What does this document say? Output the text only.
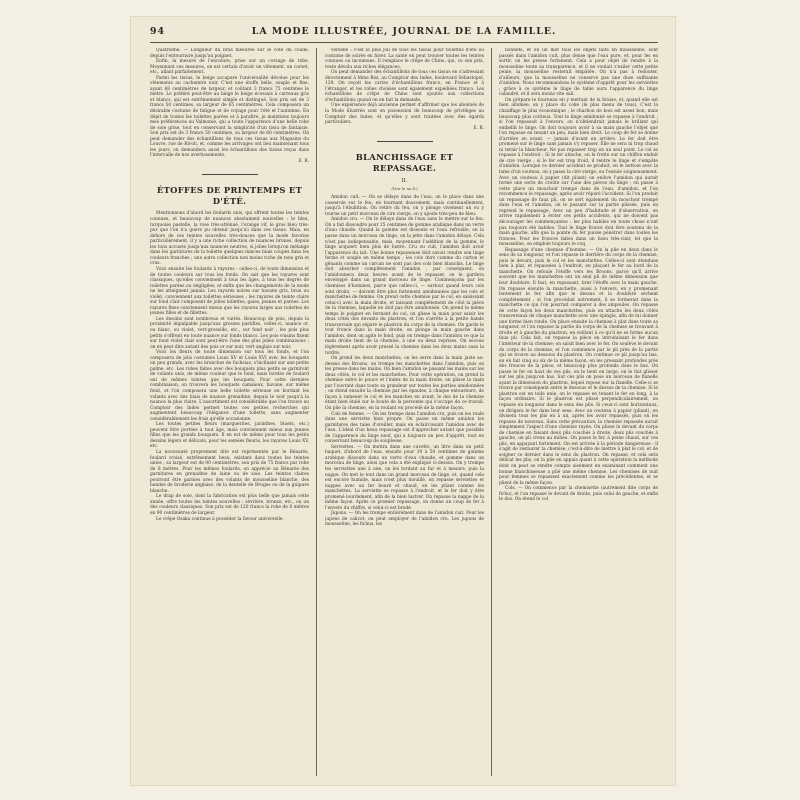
94	LA MODE ILLUSTRÉE, JOURNAL DE LA FAMILLE.

Quatrième. — Longueur du bras mesurée sur le côté du coude, depuis l'entournure jusqu'au poignet.

Enfin, la mesure de l'encolure, prise sur un corsage de robe. Moyennant ces mesures, on est certain d'avoir un vêtement, un corset, etc., allant parfaitement.

Parmi les tissus, le beige accapare l'universalité dévolue pour les vêtements au cachemire noir. C'est une étoffe belle, souple et fine, ayant 68 centimètres de largeur, et coûtant 3 francs 75 centimes le mètre. Le préféré peut-être au beige le beige écossais à carreaux gris et blancs, qui est extrêmement simple et distingué. Son prix est de 3 francs 50 centimes, sa largeur de 65 centimètres. Cela composera un désirable costume de fatigue et de voyage pour l'été et l'automne. En dépit de toutes les toilettes parées et à paraître, je maintiens toujours mes préférences au Valmonie, qui a toute l'apparence d'une belle robe de soie grise, tout en conservant la simplicité d'un tissu de fantaisie. Son prix est de 3 francs 50 centimes, sa largeur de 60 centimètres. On peut demander des échantillons de tous ces tissus aux Magasins du Louvre, rue de Rivoli, et, comme les arrivages ont lieu maintenant tous les jours, on demandera aussi les échantillons des tissus reçus dans l'intervalle de nos avertissements.

E. R.

ÉTOFFES DE PRINTEMPS ET D'ÉTÉ.

Mentionnons d'abord les foulards unis, qui offrent toutes les teintes connues, et beaucoup de nuances absolument nouvelles : le bleu, turquoise pastelle, la rose très-atténué, l'orange vif, le gros bleu très-pur que l'on n'a guère pu obtenir jusqu'ici dans ces tissus. Mais, en dehors de ces teintes nouvelles très-douces que la mode favorise particulièrement, il y a une riche collection de nuances brunes, depuis les tons accusés jusqu'aux nuances neutres, si jolies lorsqu'on mélange dans les garnitures de la toilette quelques minces biais coupés dans les couleurs franches ; une autre collection non moins riche de tons gris et crus.

Voici ensuite les foulards à rayures : celles-ci, de toute dimension et de toutes couleurs sur tous les fonds. On sait que les rayures sont classiques, qu'elles conviennent à tous les âges, à tous les degrés de toilettes parées ou négligées, et enfin que les changements de la mode ne les atteignent jamais. Les rayures noires sur havane gris, brun ou violet, conviennent aux toilettes sérieuses ; les rayures de teinte claire sur fond clair composent de jolies toilettes, gaies, jeunes et parées. Les rayures fines conviennent mieux que les rayures larges aux toilettes de jeunes filles et de fillettes.

Les dessins sont nombreux et variés. Beaucoup de pois, depuis la proximité impalpable jusqu'aux grosses pastilles, celles-ci, nuance or, ou blanc, ou violet, vert-groseille, etc., sur fond noir ; les pois plus petits s'offrent en toute nuance sur fonds blancs. Les pois voisins fixent sur fond violet clair sont peut-être l'une des plus jolies combinaisons ; on en peut dire autant des pois or sur noir, vert anglais sur noir.

Voici les fleurs de toute dimension sur tous les fonds, et l'on composera de jolis costumes Louis XV et Louis XVI avec les bouquets un peu grands, avec les branches de fuchsias, s'inclinant sur une petite palme, etc. Les robes faites avec des bouquets plus petits se garniront de volants unis, de même couleur que le fond, mais bordés de foulard uni de mêmes teintes que les bouquets. Pour cette dernière combinaison, on trouvera les bouquets camaïeux, havane, sur même fond, et l'on composera une belle toilette sérieuse en bordant les volants avec des biais de nuance grenadine, depuis le noir jusqu'à la nuance la plus claire. L'assortiment est considérable que l'on trouve au Comptoir des Indes permet toutes ces petites recherches qui augmentent beaucoup l'élégance d'une toilette, sans augmenter considérablement les frais qu'elle occasionne.

Les toutes petites fleurs (marguerites, jacinthes, bluets, etc.) peuvent être portées à tout âge, mais conviennent mieux aux jeunes filles que les grands bouquets. Il en est de même pour tous les petits dessins légers et délicats, pour les semées fleuris, les rayures Louis XV, etc.

La nouveauté proprement dite est représentée par le Bénarès, foulard croisé, extrêmement beau, existant dans toutes les teintes unies ; sa largeur est de 90 centimètres, son prix de 75 francs par robe de 8 mètres. Pour les mêmes foulards, on apprécie au Bénarès des garnitures en grenadine de laine ou de soie. Les teintes claires pourront être garnies avec des volants de mousseline blanche, des bandes de broderie anglaise, de la dentelle de Bruges ou de la guipure blanche.

Le drap de soie, dont la fabrication est plus belle que jamais cette année, offre toutes les teintes nouvelles : sèvrière, bronze, etc., ou un des couleurs classiques. Son prix est de 120 francs la robe de 8 mètres en 90 centimètres de largeur.

Le crêpe Osaka continue à posséder la faveur universelle.

verselle : c'est le plus joli de tous les tissus pour toilettes d'été ou costume de soirée en hiver. La santé en peut trouver toutes les teintes connues ou inconnues. Il remplace le crêpe de Chine, qui, vu son prix, reste dévolu aux riches élégances.

On peut demander des échantillons de tous ces tissus en s'adressant directement à Mme Bisi, au Comptoir des Indes, boulevard Sébastopol, 129. On reçoit les cartes d'échantillons franco, en France et à l'étranger, et les robes choisies sont également expédiées franco. Les échantillons de crêpe de Chine sont ajoutés aux collections d'échantillons quand on en fait la demande.

Une expérience déjà ancienne permet d'affirmer que les abonnés de la Mode illustrée sont en possession de beaucoup de privilèges au Comptoir des Indes, et qu'elles y sont traitées avec des égards particuliers.

E. R.

BLANCHISSAGE ET REPASSAGE.
II.
(Voir le no 8.)

Amidon cuit. — On se délaye dans de l'eau, on le place dans une casserole sur le feu, en tournant doucement, mais continuellement, jusqu'à l'ébullition. On retire du feu, on y plonge vivement un ou y tourne un petit morceau de cire vierge, on y ajoute très-peu de bleu.

Amidon cru. — On le délaye dans de l'eau sans le mettre sur le feu. On a fait dissoudre pour 25 centimes de gomme arabique dans un verre d'eau chaude. Quand la gomme est dissoute et l'eau refroidie, on la passe dans un morceau de linge, on la jette dans l'amidon délayé. Cela n'est pas indispensable, mais, moyennant l'addition de la gomme, le linge acquiert bien plus de lustre. Cru ou cuit, l'amidon doit avoir l'apparence du lait. Une bonne repasseuse doit savoir rendre son linge ferme et souple en même temps ; les cols durs comme du carton et gênants comme un carcan ne sont pas des cols bien blanchis. Le linge doit absorber complètement l'amidon ; par conséquent, on l'amidonnera deux heures avant de le repasser, on le gardera enveloppé dans un grand morceau de linge. Commençons par les chemises d'hommes, parce que celles-ci, — surtout quand leurs cols sont droits, — doivent être plus fortement amidonnées que les cols et manchettes de femme. On prend cette chemise par le col, en saisissant celui-ci avec la main droite, et laissant complètement de côté la pièce de la chemise, laquelle ne doit pas être amidonnée. On prend le même temps le poignet en fermant du col, on glisse la main pour saisir les deux côtés des devants du plastron, et l'on s'arrête à la petite bande transversale qui sépare le plastron du corps de la chemise. On garde le tout froncé dans la main droite, on plonge la main gauche dans l'amidon, dont on agite le fond, puis on trempe dans l'amidon ce que la main droite tient de la chemise, à une ou deux reprises. On secoue légèrement après avoir pressé la chemise dans les deux mains sans la tordre.

On prend les deux manchettes, on les serre dans la main juste au-dessus des Broons, on trempe les manchettes dans l'amidon, puis on les presse dans les mains. On bien l'amidon se passant les mains sur les deux côtés, le col et les manchettes. Pour cette opération, on prend la chemise entre le pouce et l'index de la main droite, on plisse la main par l'ouvrant dans toute sa grandeur sur toutes les parties amidonnées ; on étend ensuite la chemise par les épaules, à chaque entournure, de façon à ramener le col et les manches en avant, le dos de la chemise étant bien étalé sur le boute de la personne qui s'occupe de ce travail. On plie la chemise, en la roulant en procédé de la même façon.

Cols de femme. — On les trempe dans l'amidon cru, puis on les roule dans une serviette bien propre. On passe en même amidon les garnitures des taies d'oreiller, mais en éclaircissant l'amidon avec de l'eau. L'idéal d'un beau repassage est d'approcher autant que possible de l'apparence du linge neuf, qui a toujours un peu d'apprêt, tout en conservant beaucoup de souplesse.

Serviettes. — On mettra dans une cuvette, un litre dans un petit baquet, d'abord de l'eau, ensuite pour 30 à 50 centimes de gomme arabique dissoute dans un verre d'eau chaude, et gomme dans un morceau de linge, ainsi que cela a été expliqué ci-dessus. On y trempe les serviettes une à une, on les tordant au fur et à mesure, puis la nappe. On met le tout dans un grand morceau de linge, et, quand cela est encore humide, mais n'est plus mouillé, on repasse serviettes et nappes avec un fer bouré et chaud, en les pliant comme les manchettes. La serviette se repasse à l'endroit, et le fer doit y être promené lourdement, afin de la bien lustrer. On repasse la nappe de la même façon. Après ce premier repassage, on donne un coup de fer à l'envers du chiffre, si celui-ci est brodé.

Jupons. — On les trempe entièrement dans de l'amidon cuit. Pour les jupons de calicot, on peut employer de l'amidon cru. Les jupons de mousseline, les fichus, les

bonnets, et en un mot tous les objets faits en mousseline, sont passés dans l'amidon cuit, plus dense que l'eau pure, et, pour les en sortir, on les presse fortement. Cela a pour objet de rendre à la mousseline toute sa transparence, et il ne voulait s'exiler cette petite peine, la mousseline resterait empâtée. On n'a pas à redouter, d'ailleurs, que la mousseline ne conserve pas une dose suffisante d'amidon. Nous recommandons le système d'apprêt pour les serviettes ; grâce à ce système le linge de table aura l'apparence du linge calandré, et il sera moins vite sali.

On prépare le fourneau en y mettant de la braise, et, quand elle est bien allumée, on y place du coke (le plus menu de tous). C'est la chauffage le plus économique ; le charbon de bois est assez bon, mais beaucoup plus coûteux. Tout le linge amidonné se repasse à l'endroit ; si l'on repassait à l'envers, on n'obtiendrait jamais le brillant qui embellit le linge. On doit toujours avoir à sa main gauche l'objet que l'on repasse en tenant un peu, mais bien droit. Le coup de fer se donne d'arrière en avant, — jamais d'avant en arrière. Le fer doit être promené sur le linge sans jamais s'y reposer. Elle ne sera ni trop chaud ni ternir la blancheur. Ne pas repasser trop en un seul point. Le col se repasse à l'endroit ; Si le fer attache, on le frotte sur un chiffon enduit de cire vierge ; si le fer est trop froid, il rentre le linge et s'empâte d'amidon. Lorsque ce dernier accident se produit, on le nettoie avec la lame d'un couteau, on y passe la cire vierge, ou l'essuie soigneusement. Avec un couteau à papier (dit pliant) on enlève l'amidon qui aurait formé une sorte de croûte sur l'une des pièces du linge ; on passe à cette place un mouchoir trempé dans de l'eau, d'amidon, et l'on recommence le repassage, après avoir réparé l'accident. Si l'on produit un repassage de faux pli, on se sert également du mouchoir trempé dans l'eau et l'amidon, on le passant sur la partie plissée, puis on reprend le repassage. Avec un peu d'habitude et d'observation, on arrive rapidement à éviter ces petits accidents, qui ne doivent pas décourager les commençantes : les plus habiles en toute chose n'ont pas toujours été habiles. Tout le linge froncé doit être soutenu de la main gauche, afin que la pointe du fer puisse pénétrer dans toutes les fronces. Pour les fronces faites dans un tissu très-clair, tel que la mousseline, on emploie toujours le coq.

Repassage d'une chemise d'homme. — On la plie en deux dans le sens de sa longueur, et l'on repasse le derrière du corps de la chemise, puis le devant, puis le col et les manchettes. Celles-ci sont étendues bien à plat, et repassées à l'endroit, en plaçant le fer au bord de la manchette. On refoule l'étoffe vers les Broons, parce qu'il arrive souvent que les manchettes ont un seul pli de même dimension que leur doublure. Il faut, en repassant, tirer l'étoffe avec la main gauche. On repasse ensuite la manchette, aussi à l'envers, en y promenant lentement le fer, afin que le dessus et la doublure sèchent complètement ; si l'on procédait autrement, il se formerait dans la manchette ce qui l'on pourrait comparer à des ampoules. On repasse de cette façon les deux manchettes, puis on attache les deux côtés transversaux de chaque manchette avec une épingle, afin de lui donner une forme bien ronde. On place ensuite la chemise à plat dans toute sa longueur, et l'on repasse la partie du corps de la chemise se trouvant à droite et à gauche du plastron, en veillant à ce qu'il ne se forme aucun faux pli. Cela fait, on repasse la pièce en introduisant le fer dans l'intérieur de la chemise; on saisit bien avec le fer. On soulève le devant du corps de la chemise, et l'on commence par le pli près de la partie qui se trouve au dessous du plastron. On continue ce pli jusqu'au bas, en en fait cinq ou six de la même façon, en les pressant profondes près des fronces de la pièce, et beaucoup plus profonds dans le bas. On passe le fer en haut de ces plis, on le tient en large, on le fait glisser sur les plis jusqu'en bas. Sur ces plis on pose un morceau de flanelle ayant la dimension du plastron, lequel repose sur la flanelle. Celle-ci se trouve par conséquent entre le dessous et le dessus de la chemise. Si le plastron est en toile unie, on le repasse en tenant le fer en long, à la façon ordinaire. Si le plastron est plissé perpendiculairement, on repasse en longueur dans le sens des plis. Si ceux-ci sont horizontaux, on dirigera le fer dans leur sens. Avec un couteau à papier (pliant), on divisera tous les plis en à un, après les avoir repassés, puis on les repasse de nouveau. Sans cette précaution, la chemise repassée aurait simplement l'aspect d'une chemise rayée. On plisse le devant du corps de chemise en faisant deux plis couchés à droite, deux plis couchés à gauche, un pli creux au milieu. On passe le fer, à peine chaud, sur ces plis, en appuyant fortement. On est arrivée à la période dangereuse : il s'agit de restaurer la chemise, c'est-à-dire de mettre à plat le col, et de soigner ce dernier dans le sens du plastron. On repasse, et cela sera délicat les plis, on la plie en appuis quant à cette opération la méthode dont on peut se rendre compte aisément en examinant comment une bonne blanchisseuse a plié une même chemise. Les chemises de nuit pour femmes se repassent exactement comme les précédentes, et se plient de la même façon.

Cols. — On commence par la chemisette (autrement dite corps de fichu), et l'on repasse le devant de droite, puis celui de gauche, et enfin le dos. On étend le col
